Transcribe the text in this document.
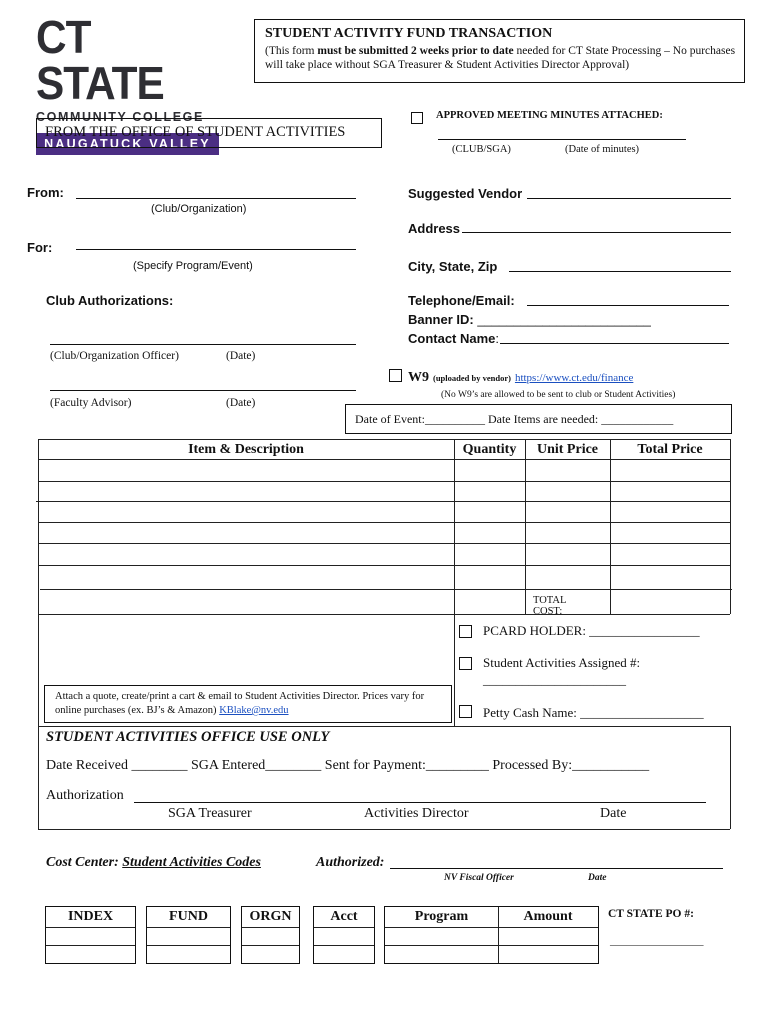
CT STATE
COMMUNITY COLLEGE
NAUGATUCK VALLEY
STUDENT ACTIVITY FUND TRANSACTION
(This form must be submitted 2 weeks prior to date needed for CT State Processing – No purchases will take place without SGA Treasurer & Student Activities Director Approval)
APPROVED MEETING MINUTES ATTACHED:
(CLUB/SGA)	(Date of minutes)
FROM THE OFFICE OF STUDENT ACTIVITIES
From:
(Club/Organization)
For:
(Specify Program/Event)
Club Authorizations:
(Club/Organization Officer)	(Date)
(Faculty Advisor)	(Date)
Suggested Vendor
Address
City, State, Zip
Telephone/Email:
Banner ID: ________________________
Contact Name:
W9 (uploaded by vendor) https://www.ct.edu/finance
(No W9’s are allowed to be sent to club or Student Activities)
Date of Event:__________ Date Items are needed: ____________
Item & Description	Quantity	Unit Price	Total Price
TOTAL COST:
Attach a quote, create/print a cart & email to Student Activities Director. Prices vary for online purchases (ex. BJ’s & Amazon) KBlake@nv.edu
PCARD HOLDER: _________________
Student Activities Assigned #:
______________________
Petty Cash Name: ___________________
STUDENT ACTIVITIES OFFICE USE ONLY
Date Received ________ SGA Entered________ Sent for Payment:_________ Processed By:___________
Authorization
SGA Treasurer	Activities Director	Date
Cost Center: Student Activities Codes	Authorized:
NV Fiscal Officer	Date
INDEX	FUND	ORGN	Acct	Program	Amount	CT STATE PO #:
_________________
